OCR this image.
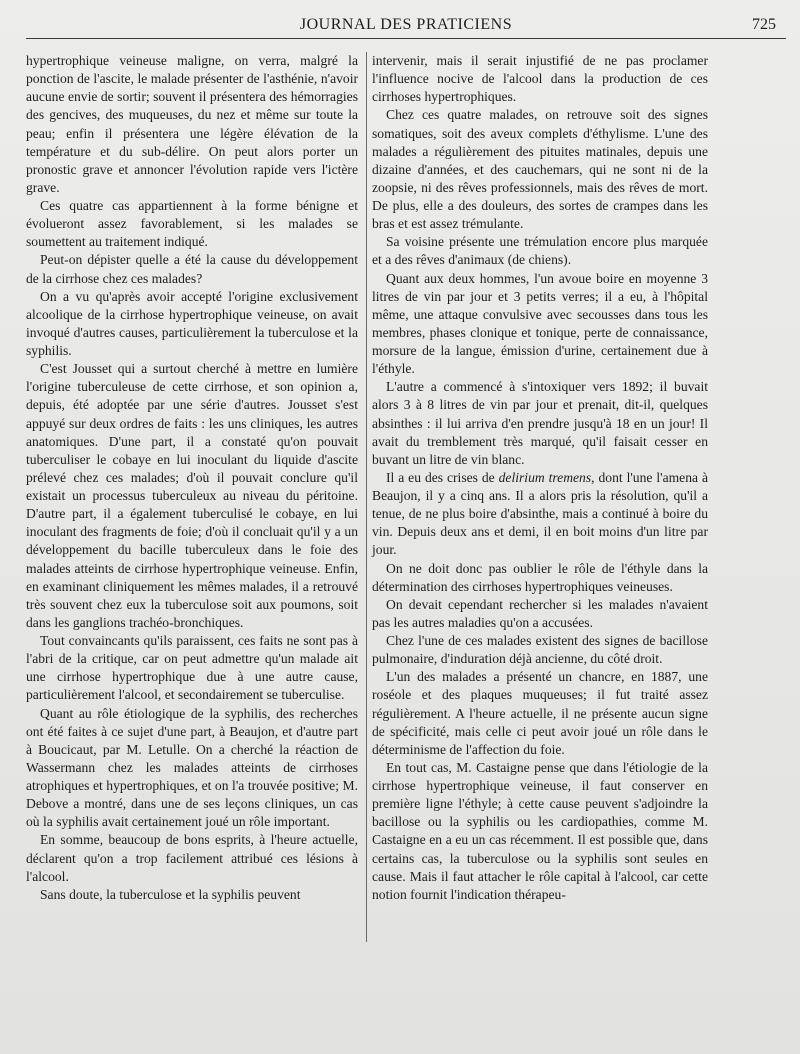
JOURNAL DES PRATICIENS	725

hypertrophique veineuse maligne, on verra, malgré la ponction de l'ascite, le malade présenter de l'asthénie, n'avoir aucune envie de sortir; souvent il présentera des hémorragies des gencives, des muqueuses, du nez et même sur toute la peau; enfin il présentera une légère élévation de la température et du sub-délire. On peut alors porter un pronostic grave et annoncer l'évolution rapide vers l'ictère grave.

Ces quatre cas appartiennent à la forme bénigne et évolueront assez favorablement, si les malades se soumettent au traitement indiqué.

Peut-on dépister quelle a été la cause du développement de la cirrhose chez ces malades?

On a vu qu'après avoir accepté l'origine exclusivement alcoolique de la cirrhose hypertrophique veineuse, on avait invoqué d'autres causes, particulièrement la tuberculose et la syphilis.

C'est Jousset qui a surtout cherché à mettre en lumière l'origine tuberculeuse de cette cirrhose, et son opinion a, depuis, été adoptée par une série d'autres. Jousset s'est appuyé sur deux ordres de faits : les uns cliniques, les autres anatomiques. D'une part, il a constaté qu'on pouvait tuberculiser le cobaye en lui inoculant du liquide d'ascite prélevé chez ces malades; d'où il pouvait conclure qu'il existait un processus tuberculeux au niveau du péritoine. D'autre part, il a également tuberculisé le cobaye, en lui inoculant des fragments de foie; d'où il concluait qu'il y a un développement du bacille tuberculeux dans le foie des malades atteints de cirrhose hypertrophique veineuse. Enfin, en examinant cliniquement les mêmes malades, il a retrouvé très souvent chez eux la tuberculose soit aux poumons, soit dans les ganglions trachéo-bronchiques.

Tout convaincants qu'ils paraissent, ces faits ne sont pas à l'abri de la critique, car on peut admettre qu'un malade ait une cirrhose hypertrophique due à une autre cause, particulièrement l'alcool, et secondairement se tuberculise.

Quant au rôle étiologique de la syphilis, des recherches ont été faites à ce sujet d'une part, à Beaujon, et d'autre part à Boucicaut, par M. Letulle. On a cherché la réaction de Wassermann chez les malades atteints de cirrhoses atrophiques et hypertrophiques, et on l'a trouvée positive; M. Debove a montré, dans une de ses leçons cliniques, un cas où la syphilis avait certainement joué un rôle important.

En somme, beaucoup de bons esprits, à l'heure actuelle, déclarent qu'on a trop facilement attribué ces lésions à l'alcool.

Sans doute, la tuberculose et la syphilis peuvent

intervenir, mais il serait injustifié de ne pas proclamer l'influence nocive de l'alcool dans la production de ces cirrhoses hypertrophiques.

Chez ces quatre malades, on retrouve soit des signes somatiques, soit des aveux complets d'éthylisme. L'une des malades a régulièrement des pituites matinales, depuis une dizaine d'années, et des cauchemars, qui ne sont ni de la zoopsie, ni des rêves professionnels, mais des rêves de mort. De plus, elle a des douleurs, des sortes de crampes dans les bras et est assez trémulante.

Sa voisine présente une trémulation encore plus marquée et a des rêves d'animaux (de chiens).

Quant aux deux hommes, l'un avoue boire en moyenne 3 litres de vin par jour et 3 petits verres; il a eu, à l'hôpital même, une attaque convulsive avec secousses dans tous les membres, phases clonique et tonique, perte de connaissance, morsure de la langue, émission d'urine, certainement due à l'éthyle.

L'autre a commencé à s'intoxiquer vers 1892; il buvait alors 3 à 8 litres de vin par jour et prenait, dit-il, quelques absinthes : il lui arriva d'en prendre jusqu'à 18 en un jour! Il avait du tremblement très marqué, qu'il faisait cesser en buvant un litre de vin blanc.

Il a eu des crises de delirium tremens, dont l'une l'amena à Beaujon, il y a cinq ans. Il a alors pris la résolution, qu'il a tenue, de ne plus boire d'absinthe, mais a continué à boire du vin. Depuis deux ans et demi, il en boit moins d'un litre par jour.

On ne doit donc pas oublier le rôle de l'éthyle dans la détermination des cirrhoses hypertrophiques veineuses.

On devait cependant rechercher si les malades n'avaient pas les autres maladies qu'on a accusées.

Chez l'une de ces malades existent des signes de bacillose pulmonaire, d'induration déjà ancienne, du côté droit.

L'un des malades a présenté un chancre, en 1887, une roséole et des plaques muqueuses; il fut traité assez régulièrement. A l'heure actuelle, il ne présente aucun signe de spécificité, mais celle ci peut avoir joué un rôle dans le déterminisme de l'affection du foie.

En tout cas, M. Castaigne pense que dans l'étiologie de la cirrhose hypertrophique veineuse, il faut conserver en première ligne l'éthyle; à cette cause peuvent s'adjoindre la bacillose ou la syphilis ou les cardiopathies, comme M. Castaigne en a eu un cas récemment. Il est possible que, dans certains cas, la tuberculose ou la syphilis sont seules en cause. Mais il faut attacher le rôle capital à l'alcool, car cette notion fournit l'indication thérapeu-
